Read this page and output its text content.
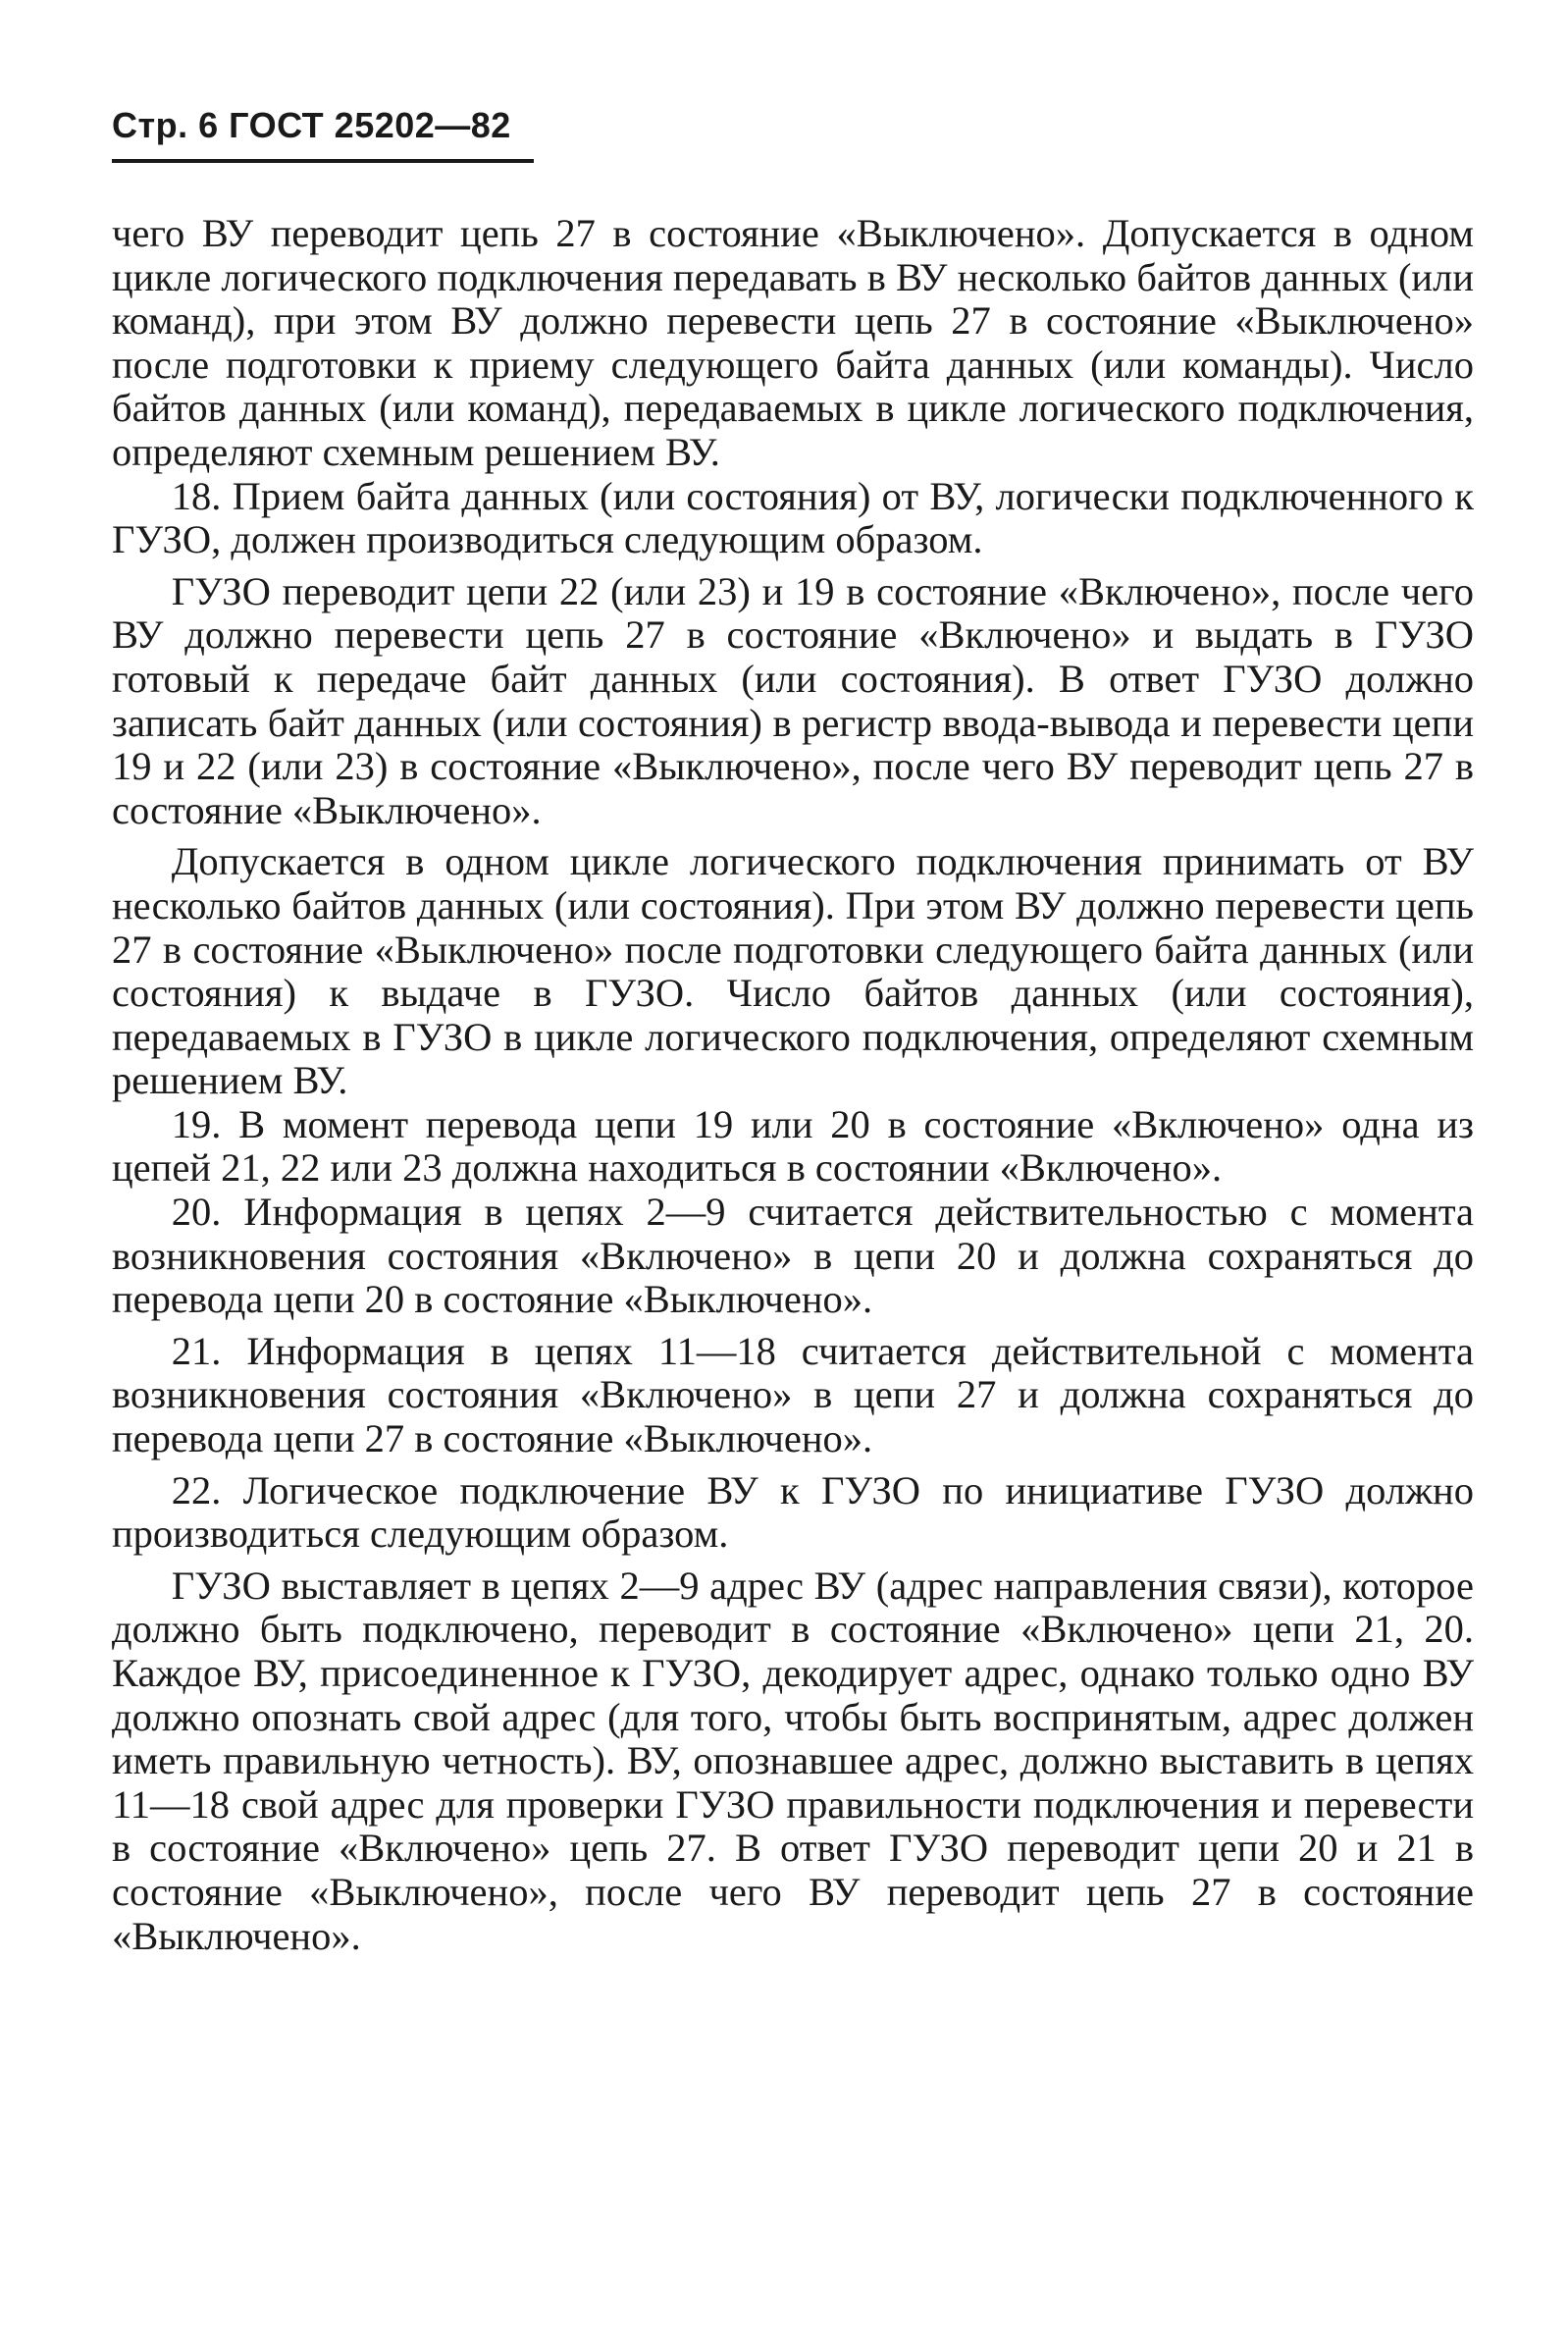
Стр. 6 ГОСТ 25202—82

чего ВУ переводит цепь 27 в состояние «Выключено». Допускается в одном цикле логического подключения передавать в ВУ несколько байтов данных (или команд), при этом ВУ должно перевести цепь 27 в состояние «Выключено» после подготовки к приему следующего байта данных (или команды). Число байтов данных (или команд), передаваемых в цикле логического подключения, определяют схемным решением ВУ.

18. Прием байта данных (или состояния) от ВУ, логически подключенного к ГУЗО, должен производиться следующим образом.

ГУЗО переводит цепи 22 (или 23) и 19 в состояние «Включено», после чего ВУ должно перевести цепь 27 в состояние «Включено» и выдать в ГУЗО готовый к передаче байт данных (или состояния). В ответ ГУЗО должно записать байт данных (или состояния) в регистр ввода-вывода и перевести цепи 19 и 22 (или 23) в состояние «Выключено», после чего ВУ переводит цепь 27 в состояние «Выключено».

Допускается в одном цикле логического подключения принимать от ВУ несколько байтов данных (или состояния). При этом ВУ должно перевести цепь 27 в состояние «Выключено» после подготовки следующего байта данных (или состояния) к выдаче в ГУЗО. Число байтов данных (или состояния), передаваемых в ГУЗО в цикле логического подключения, определяют схемным решением ВУ.

19. В момент перевода цепи 19 или 20 в состояние «Включено» одна из цепей 21, 22 или 23 должна находиться в состоянии «Включено».

20. Информация в цепях 2—9 считается действительностью с момента возникновения состояния «Включено» в цепи 20 и должна сохраняться до перевода цепи 20 в состояние «Выключено».

21. Информация в цепях 11—18 считается действительной с момента возникновения состояния «Включено» в цепи 27 и должна сохраняться до перевода цепи 27 в состояние «Выключено».

22. Логическое подключение ВУ к ГУЗО по инициативе ГУЗО должно производиться следующим образом.

ГУЗО выставляет в цепях 2—9 адрес ВУ (адрес направления связи), которое должно быть подключено, переводит в состояние «Включено» цепи 21, 20. Каждое ВУ, присоединенное к ГУЗО, декодирует адрес, однако только одно ВУ должно опознать свой адрес (для того, чтобы быть воспринятым, адрес должен иметь правильную четность). ВУ, опознавшее адрес, должно выставить в цепях 11—18 свой адрес для проверки ГУЗО правильности подключения и перевести в состояние «Включено» цепь 27. В ответ ГУЗО переводит цепи 20 и 21 в состояние «Выключено», после чего ВУ переводит цепь 27 в состояние «Выключено».
